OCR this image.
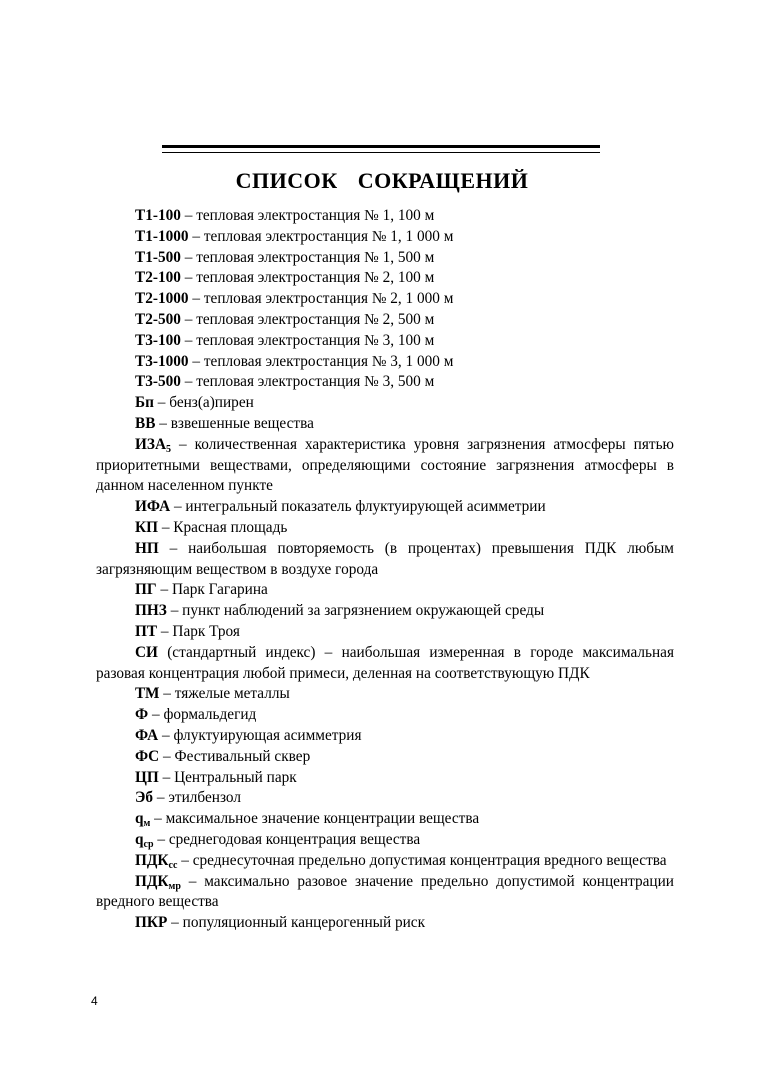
СПИСОК  СОКРАЩЕНИЙ

Т1-100 – тепловая электростанция № 1, 100 м

Т1-1000 – тепловая электростанция № 1, 1 000 м

Т1-500 – тепловая электростанция № 1, 500 м

Т2-100 – тепловая электростанция № 2, 100 м

Т2-1000 – тепловая электростанция № 2, 1 000 м

Т2-500 – тепловая электростанция № 2, 500 м

Т3-100 – тепловая электростанция № 3, 100 м

Т3-1000 – тепловая электростанция № 3, 1 000 м

Т3-500 – тепловая электростанция № 3, 500 м

Бп – бенз(а)пирен

ВВ – взвешенные вещества

$ИЗА_5$ – количественная характеристика уровня загрязнения атмосферы пятью приоритетными веществами, определяющими состояние загрязнения атмосферы в данном населенном пункте

ИФА – интегральный показатель флуктуирующей асимметрии

КП – Красная площадь

НП – наибольшая повторяемость (в процентах) превышения ПДК любым загрязняющим веществом в воздухе города

ПГ – Парк Гагарина

ПНЗ – пункт наблюдений за загрязнением окружающей среды

ПТ – Парк Троя

СИ (стандартный индекс) – наибольшая измеренная в городе максимальная разовая концентрация любой примеси, деленная на соответствующую ПДК

ТМ – тяжелые металлы

Ф – формальдегид

ФА – флуктуирующая асимметрия

ФС – Фестивальный сквер

ЦП – Центральный парк

Эб – этилбензол

$q_м$ – максимальное значение концентрации вещества

$q_{ср}$ – среднегодовая концентрация вещества

$ПДК_{сс}$ – среднесуточная предельно допустимая концентрация вредного вещества

$ПДК_{мр}$ – максимально разовое значение предельно допустимой концентрации вредного вещества

ПКР – популяционный канцерогенный риск

4
